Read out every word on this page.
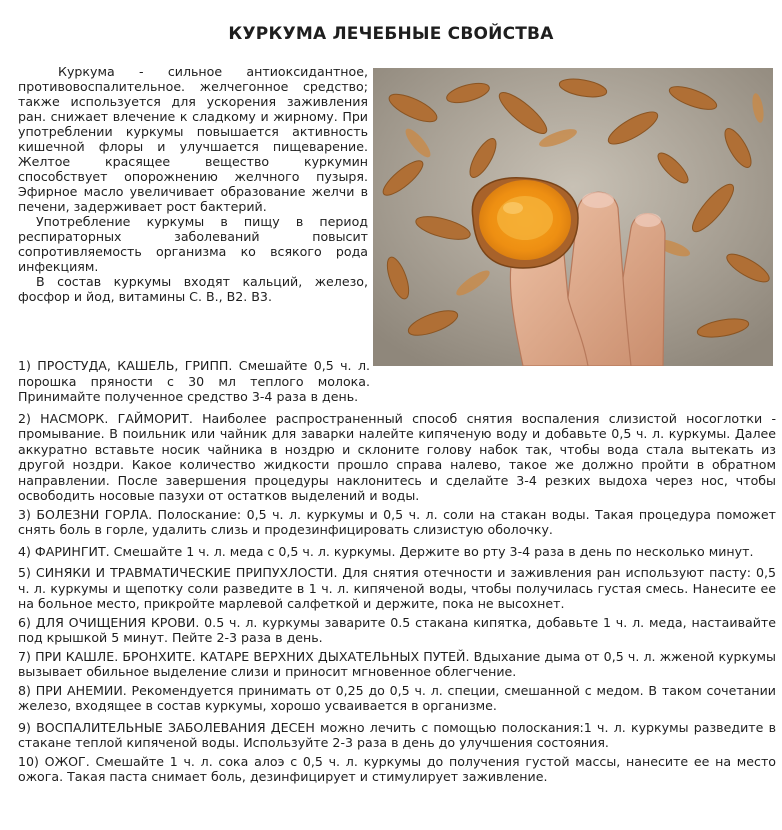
КУРКУМА ЛЕЧЕБНЫЕ СВОЙСТВА

Куркума - сильное антиоксидантное, противовоспалительное. желчегонное средство; также используется для ускорения заживления ран. снижает влечение к сладкому и жирному. При употреблении куркумы повышается активность кишечной флоры и улучшается пищеварение. Желтое красящее вещество куркумин способствует опорожнению желчного пузыря. Эфирное масло увеличивает образование желчи в печени, задерживает рост бактерий.

Употребление куркумы в пищу в период респираторных заболеваний повысит сопротивляемость организма ко всякого рода инфекциям.

В состав куркумы входят кальций, железо, фосфор и йод, витамины С. В., В2. В3.

1) ПРОСТУДА, КАШЕЛЬ, ГРИПП. Смешайте 0,5 ч. л. порошка пряности с 30 мл теплого молока. Принимайте полученное средство 3-4 раза в день.

2) НАСМОРК. ГАЙМОРИТ. Наиболее распространенный способ снятия воспаления слизистой носоглотки - промывание. В поильник или чайник для заварки налейте кипяченую воду и добавьте 0,5 ч. л. куркумы. Далее аккуратно вставьте носик чайника в ноздрю и склоните голову набок так, чтобы вода стала вытекать из другой ноздри. Какое количество жидкости прошло справа налево, такое же должно пройти в обратном направлении. После завершения процедуры наклонитесь и сделайте 3-4 резких выдоха через нос, чтобы освободить носовые пазухи от остатков выделений и воды.

3) БОЛЕЗНИ ГОРЛА. Полоскание: 0,5 ч. л. куркумы и 0,5 ч. л. соли на стакан воды. Такая процедура поможет снять боль в горле, удалить слизь и продезинфицировать слизистую оболочку.

4) ФАРИНГИТ. Смешайте 1 ч. л. меда с 0,5 ч. л. куркумы. Держите во рту 3-4 раза в день по несколько минут.

5) СИНЯКИ И ТРАВМАТИЧЕСКИЕ ПРИПУХЛОСТИ. Для снятия отечности и заживления ран используют пасту: 0,5 ч. л. куркумы и щепотку соли разведите в 1 ч. л. кипяченой воды, чтобы получилась густая смесь. Нанесите ее на больное место, прикройте марлевой салфеткой и держите, пока не высохнет.

6) ДЛЯ ОЧИЩЕНИЯ КРОВИ. 0.5 ч. л. куркумы заварите 0.5 стакана кипятка, добавьте 1 ч. л. меда, настаивайте под крышкой 5 минут. Пейте 2-3 раза в день.

7) ПРИ КАШЛЕ. БРОНХИТЕ. КАТАРЕ ВЕРХНИХ ДЫХАТЕЛЬНЫХ ПУТЕЙ. Вдыхание дыма от 0,5 ч. л. жженой куркумы вызывает обильное выделение слизи и приносит мгновенное облегчение.

8) ПРИ АНЕМИИ. Рекомендуется принимать от 0,25 до 0,5 ч. л. специи, смешанной с медом. В таком сочетании железо, входящее в состав куркумы, хорошо усваивается в организме.

9) ВОСПАЛИТЕЛЬНЫЕ ЗАБОЛЕВАНИЯ ДЕСЕН можно лечить с помощью полоскания:1 ч. л. куркумы разведите в стакане теплой кипяченой воды. Используйте 2-3 раза в день до улучшения состояния.

10) ОЖОГ. Смешайте 1 ч. л. сока алоэ с 0,5 ч. л. куркумы до получения густой массы, нанесите ее на место ожога. Такая паста снимает боль, дезинфицирует и стимулирует заживление.
